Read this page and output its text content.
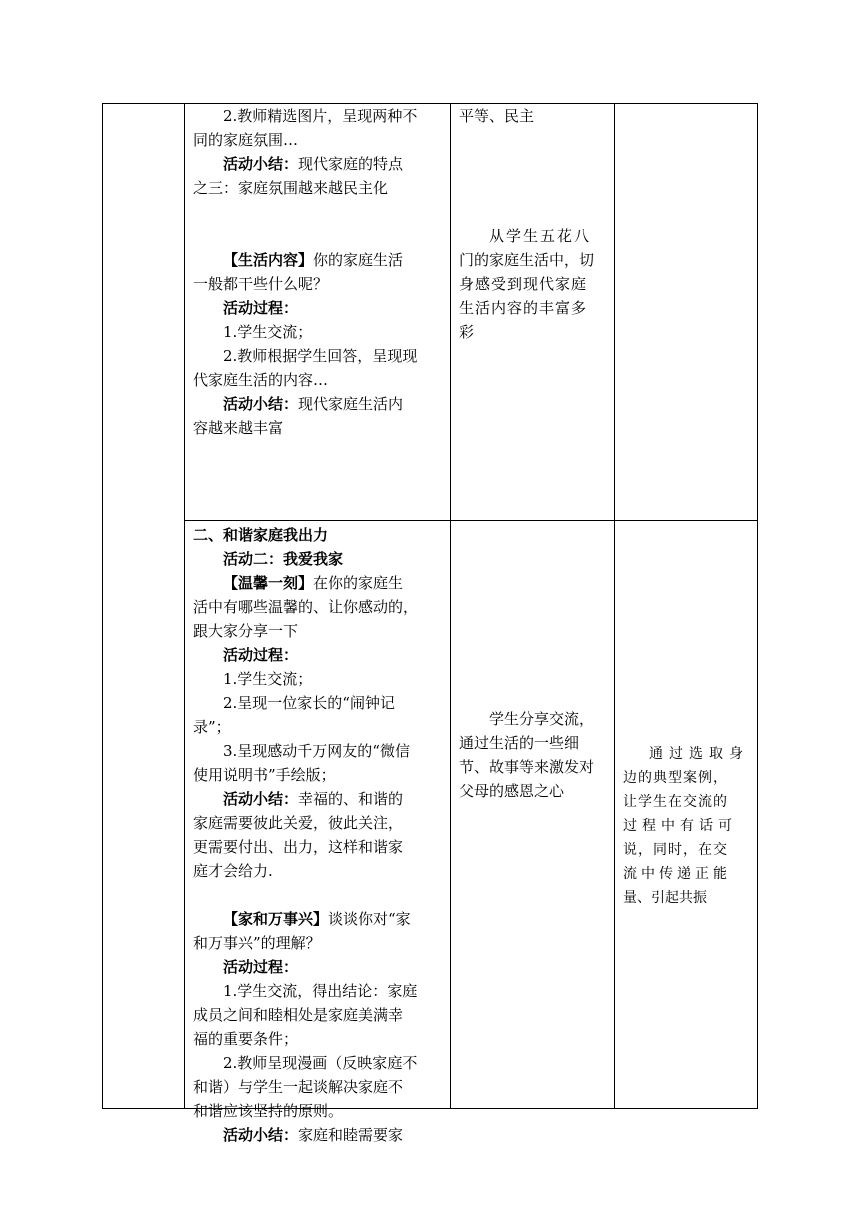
2.教师精选图片，呈现两种不
同的家庭氛围…
活动小结：现代家庭的特点
之三：家庭氛围越来越民主化
【生活内容】你的家庭生活
一般都干些什么呢？
活动过程：
1.学生交流；
2.教师根据学生回答，呈现现
代家庭生活的内容…
活动小结：现代家庭生活内
容越来越丰富
平等、民主
从学生五花八
门的家庭生活中，切
身感受到现代家庭
生活内容的丰富多
彩
二、和谐家庭我出力
活动二：我爱我家
【温馨一刻】在你的家庭生
活中有哪些温馨的、让你感动的，
跟大家分享一下
活动过程：
1.学生交流；
2.呈现一位家长的“闹钟记
录”；
3.呈现感动千万网友的“微信
使用说明书”手绘版；
活动小结：幸福的、和谐的
家庭需要彼此关爱，彼此关注，
更需要付出、出力，这样和谐家
庭才会给力.
【家和万事兴】谈谈你对“家
和万事兴”的理解？
活动过程：
1.学生交流，得出结论：家庭
成员之间和睦相处是家庭美满幸
福的重要条件；
2.教师呈现漫画（反映家庭不
和谐）与学生一起谈解决家庭不
和谐应该坚持的原则。
活动小结：家庭和睦需要家
学生分享交流，
通过生活的一些细
节、故事等来激发对
父母的感恩之心
通过选取身
边的典型案例，
让学生在交流的
过程中有话可
说，同时，在交
流中传递正能
量、引起共振
